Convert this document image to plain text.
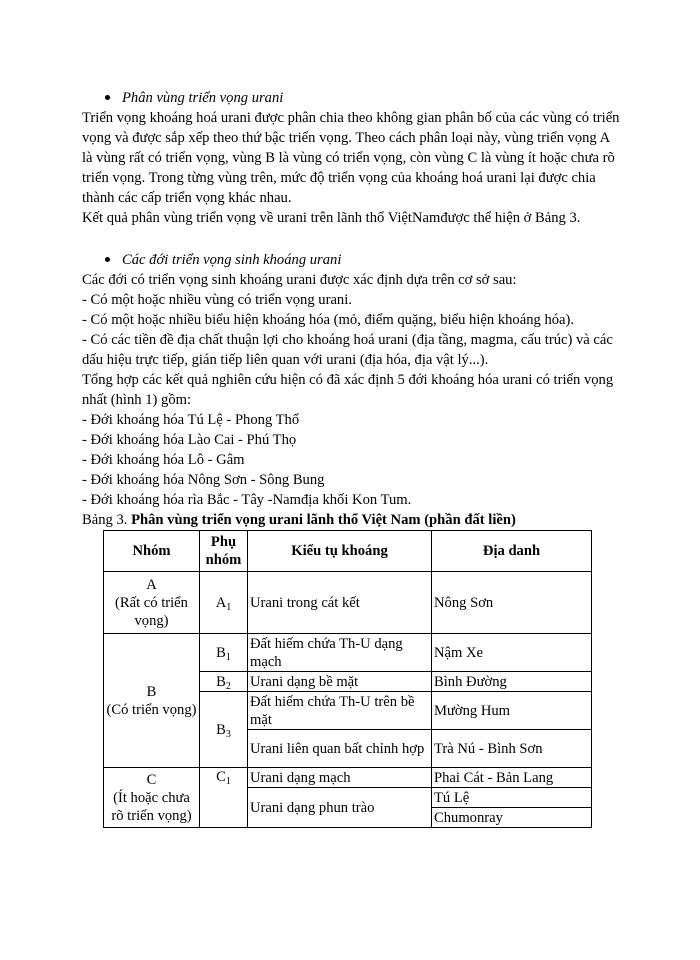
Phân vùng triển vọng urani

Triển vọng khoáng hoá urani được phân chia theo không gian phân bố của các vùng có triển vọng và được sắp xếp theo thứ bậc triển vọng. Theo cách phân loại này, vùng triển vọng A là vùng rất có triển vọng, vùng B là vùng có triển vọng, còn vùng C là vùng ít hoặc chưa rõ triển vọng. Trong từng vùng trên, mức độ triển vọng của khoáng hoá urani lại được chia thành các cấp triển vọng khác nhau.

Kết quả phân vùng triển vọng về urani trên lãnh thổ ViệtNamđược thể hiện ở Bảng 3.

Các đới triển vọng sinh khoáng urani

Các đới có triển vọng sinh khoáng urani được xác định dựa trên cơ sở sau:

- Có một hoặc nhiều vùng có triển vọng urani.

- Có một hoặc nhiều biểu hiện khoáng hóa (mỏ, điểm quặng, biểu hiện khoáng hóa).

- Có các tiền đề địa chất thuận lợi cho khoáng hoá urani (địa tầng, magma, cấu trúc) và các dấu hiệu trực tiếp, gián tiếp liên quan với urani (địa hóa, địa vật lý...).

Tổng hợp các kết quả nghiên cứu hiện có đã xác định 5 đới khoáng hóa urani có triển vọng nhất (hình 1) gồm:

- Đới khoáng hóa Tú Lệ - Phong Thổ

- Đới khoáng hóa Lào Cai - Phú Thọ

- Đới khoáng hóa Lô - Gâm

- Đới khoáng hóa Nông Sơn - Sông Bung

- Đới khoáng hóa rìa Bắc - Tây -Namđịa khối Kon Tum.

Bảng 3. Phân vùng triển vọng urani lãnh thổ Việt Nam (phần đất liền)

Nhóm	Phụ nhóm	Kiểu tụ khoáng	Địa danh

A
(Rất có triển vọng)	$A_1$	Urani trong cát kết	Nông Sơn

B
(Có triển vọng)	$B_1$	Đất hiếm chứa Th-U dạng mạch	Nậm Xe
	$B_2$	Urani dạng bề mặt	Bình Đường
	$B_3$	Đất hiếm chứa Th-U trên bề mặt	Mường Hum
		Urani liên quan bất chỉnh hợp	Trà Nú - Bình Sơn

C
(Ít hoặc chưa rõ triển vọng)	$C_1$	Urani dạng mạch	Phai Cát - Bản Lang
		Urani dạng phun trào	Tú Lệ
			Chumonray
